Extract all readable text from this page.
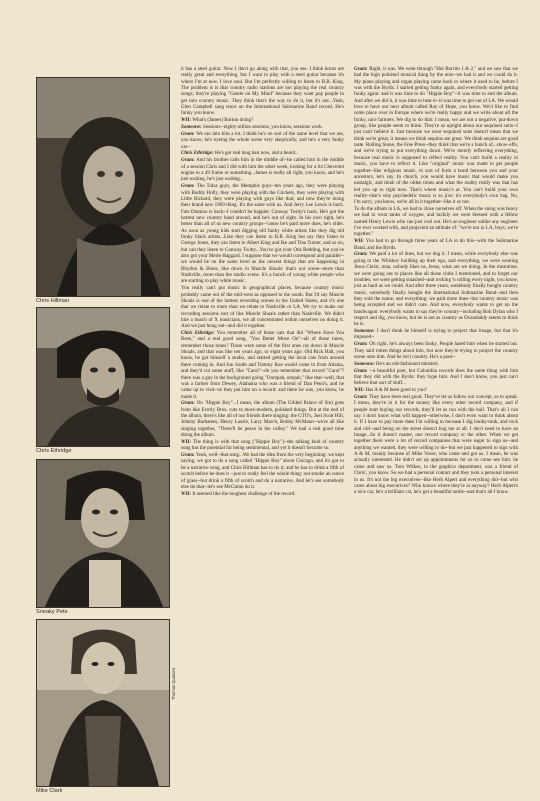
Chris Hillman
Chris Ethridge
Sneaky Pete
Mike Clark
Thomas Quaiatra

it has a steel guitar. Now I don't go along with that, you see. I think horns are really great and everything, but I want to play with a steel guitar because it's where I'm at now. I love soul. But I'm perfectly willing to listen to B.B. King. The problem is is that country radio stations are not playing the real country songs; they're playing "Gentle on My Mind" because they want pop people to get into country music. They think that's the way to do it, but it's not...Yeah, Glen Campbell sang tenor on the International Submarine Band record. He's funky you know.

WH: What's (James) Burton doing?

Someone: Sessions--eighty-zillion sessions, you know, sessions work.

Gram: We ran into him a lot. I think he's on sort of the same level that we are, you know; he's eyeing the whole scene very skeptically, and he's a very funky cat--

Chris Ethridge: He's got real long hair now, and a beard...

Gram: And his brother calls him in the middle of--he called him in the middle of a session Chris and I did with him the other week, looking for a 64 Chevrolet engine in a 49 frame or something...James is really all right, you know, and he's just waiting, he's just waiting...

Gram: The Tulsa guys, the Memphis guys--ten years ago, they were playing with Buddy Holly, they were playing with the Crickets, they were playing with Little Richard, they were playing with guys like that; and now they're doing their brand new 1969 thing. It's the same with us. And Jerry Lee Lewis is back. Fats Domino is back--I couldn't be happier. Conway Twitty's back. He's got the hottest new country band around, and he's out of sight. In his own right, he's better than all of us new country groups--'cause he's paid more dues, he's older. As soon as young kids start digging old funky white artists like they dig old funky black artists...Like they can listen to B.B. King but say they listen to George Jones, they can listen to Albert King and Ike and Tina Turner, and so on, but can they listen to Conway Twitty...You've got your Otis Redding, but you've also got your Merle Haggard. I suppose that we would correspond and parallel--we would be on the same level as the newest things that are happening in Rhythm & Blues, like down in Muscle Shoals: that's our scene--more than Nashville, more than the studio scene. It's a bunch of young white people who are starting to play white music.

You really can't put music in geographical places, because country music probably came out of the mid-west as opposed to the south. But I'd say Muscle Shoals is one of the hottest recording scenes in the United States, and it's one that we relate to more than we relate to Nashville or LA. We try to make our recording sessions sort of like Muscle Shoals rather than Nashville. We didn't hire a bunch of X musicians, we all concentrated within ourselves on doing it. And we just hung out--and did it together.

Chris Ethridge: You remember all of those cats that did "Where Have You Been," and a real good song, "You Better Move On"--all of those tunes, remember those tunes? Those were some of the first ones cut down in Muscle Shoals, and that was like ten years ago, or eight years ago. Old Rick Hall, you know, he got himself a studio, and started getting the local cats from around there coming in. And Jon South and Tommy Roe would come in from Atlanta, and they'd cut some stuff, like "Carol"--do you remember that record "Carol"? there was a guy in the background going "Oompah, umpah," like that--well, that was a farmer from Dewey, Alabama who was a friend of Dan Penn's, and he came up to visit--so they put him on a record: and there he was, you know, he made it.

Gram: On "Hippie Boy"...I mean, the album (The Gilded Palace of Sin) goes from like Everly Bros. cuts to more-modern, polished things. But at the end of the album, there's like all of our friends there singing: the GTO's, Joel Scott Hill, Johnny Barbatees, Henry Laurie, Larry March, Bobby McMann--we're all like singing together, "There'll be peace in the valley." We had a real good time doing the album.

WH: The thing is with that song ("Hippie Boy")--the talking kind of country song has the potential for being sentimental, and yet it doesn't become so.

Gram: Yeah, well--that song...We had the idea from the very beginning: we kept saying, we got to do a song called "Hippie Boy" about Chicago, and it's got to be a narrative song, and Chris Hillman has to do it; and he has to drink a fifth of scotch before he does it --just to really feel the whole thing: not smoke an ounce of grass--but drink a fifth of scotch and do a narrative. And let's see somebody else do that--let's see McGuinn do it.

WH: It seemed like the toughest challenge of the record.

Gram: Right, it was. We went through "Hot Burrito 1 & 2," and we saw that we had the high polished musical thing by the nuts--we had it and we could do it. My piano playing and organ playing came back to where it used to be, before I was with the Byrds. I started getting funky again, and everybody started getting funky again: and it was time to do "Hippie Boy"--it was time to end the album. And after we did it, it was time to beat it--it was time to get out of LA. We would love to have our next album called Ray of Hope, you know. We'd like to find some place over in Europe where we're really happy and we write about all the funky, nice farmers. We dig to do that: I mean, we are not a negative, put-down group, like people seem to think. They're so uptight about our sequined suits--I just can't believe it. Just because we wear sequined suits doesn't mean that we think we're great, it means we think sequins are great. We think sequins are good taste. Rolling Stone, the Free Press--they think that we're a bunch of...show-offs, and we're trying to put everything down. We're merely reflecting everything, because real music is supposed to reflect reality. You can't build a reality in music, you have to reflect it. Like "original" music was made to get people together--like religious music, to sort of form a bond between you and your ancestors, let's say. In church, you would have music that would make you nostalgic, and think of the olden times and what the reality really was that has led you up to right now. That's where music's at. You can't build your own reality--that's why psychedelic music is so jive: it's everybody's own bag. No, I'm sorry, you know, we're all in it together--like it or not.

To do the album in LA, we had to close ourselves off. When the smog was heavy we had to wear tanks of oxygen, and luckily we were blessed with a fellow named Henry Lewis who can just cool out. He's an engineer unlike any engineer I've ever worked with, and projected an attitude of: "we're not in LA, boys, we're together."

WH: You had to go through three years of LA to do this--with the Submarine Band, and the Byrds.

Gram: We paid a lot of dues, but we dug it. I mean, while everybody else was going to the Whiskey building up their ego, and everything, we were wearing Jesus Christ, man, nobody likes us, Jesus, what are we doing. In the meantime, we were going out to places like all those clubs I mentioned, and to forget our troubles, we were getting smashed--and rocking 'n rolling every night, you know, just as hard as we could. And after three years, somebody finally bought country music, somebody finally bought the International Submarine Band--and then they sold the name, and everything: we paid more dues--but country music was being accepted and we didn't care. And now, everybody wants to get on the bandwagon: everybody wants to say they're country--including Bob Dylan who I respect and dig, you know, but he is not as country as Ovandaddy seems to think he is.

Someone: I don't think he himself is trying to project that image, but that it's imposed--

Gram: Oh right, he's always been funky. People hated him when he started out. They said rotten things about him, but now they're trying to project the country scene onto him. And he isn't country. He's a poet--

Someone: He's an old-fashioned minstrel.

Gram: --a beautiful poet, but Columbia records does the same thing with him that they did with the Byrds: they hype him. And I don't know, you just can't believe that sort of stuff...

WH: Has A & M been good to you?

Gram: They have been real good. They've let us follow our concept, so to speak. I mean, they're in it for the money like every other record company, and if people start buying our records, they'll let us run with the ball. That's all I can say. I don't know what will happen--otherwise, I don't even want to think about it. If I have to pay more dues I'm willing to because I dig honky-tonk, and rock and roll--and being on the street doesn't bug me at all. I don't need to have an image...So it doesn't matter, one record company or the other. When we get together there were a lot of record companies that were eager to sign us--and anything we wanted, they were willing to do--but we just happened to sign with A & M, mainly because of Mike Vosse, who came and got us. I mean, he was actually interested. He didn't set up appointments for us to come see him: he came and saw us. Tom Wilkes, in the graphics department, was a friend of Chris', you know. So we had a personal contact and they took a personal interest in us. It's not the big executives--like Herb Alpert and everything did--but who cares about big executives? Who knows where they're at anyway? Herb Alpert's a nice cat, he's a brilliant cat, he's got a beautiful smile--and that's all I know.
